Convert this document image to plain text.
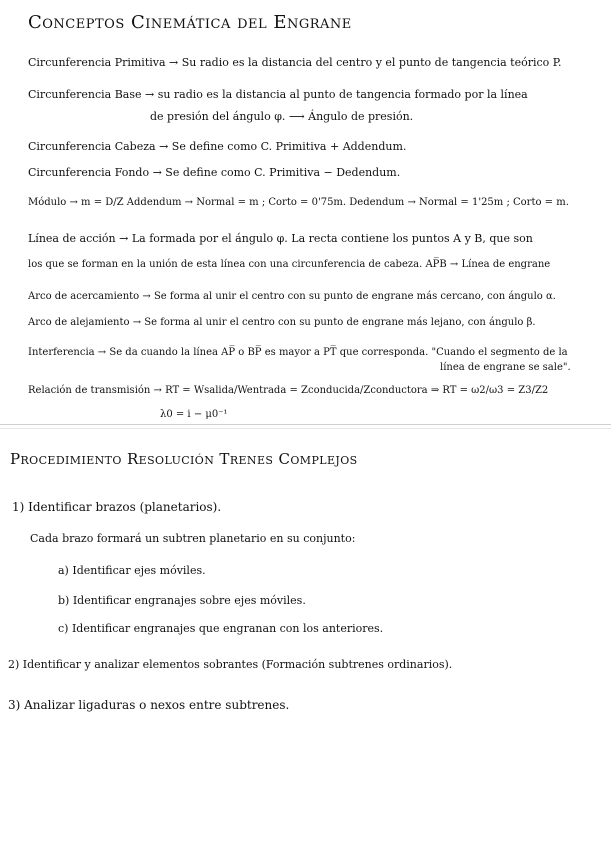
Conceptos Cinemática del Engrane
Circunferencia Primitiva → Su radio es la distancia del centro y el punto de tangencia teórico P.
Circunferencia Base → su radio es la distancia al punto de tangencia formado por la línea
de presión del ángulo φ. ⟶ Ángulo de presión.
Circunferencia Cabeza → Se define como C. Primitiva + Addendum.
Circunferencia Fondo → Se define como C. Primitiva − Dedendum.
Módulo → m = D/Z Addendum → Normal = m ; Corto = 0'75m. Dedendum → Normal = 1'25m ; Corto = m.
Línea de acción → La formada por el ángulo φ. La recta contiene los puntos A y B, que son
los que se forman en la unión de esta línea con una circunferencia de cabeza. AP̅B → Línea de engrane
Arco de acercamiento → Se forma al unir el centro con su punto de engrane más cercano, con ángulo α.
Arco de alejamiento → Se forma al unir el centro con su punto de engrane más lejano, con ángulo β.
Interferencia → Se da cuando la línea AP̅ o BP̅ es mayor a PT̅ que corresponda. "Cuando el segmento de la
línea de engrane se sale".
Relación de transmisión → RT = Wsalida/Wentrada = Zconducida/Zconductora ⇒ RT = ω2/ω3 = Z3/Z2
λ0 = i − μ0⁻¹
Procedimiento Resolución Trenes Complejos
1) Identificar brazos (planetarios).
Cada brazo formará un subtren planetario en su conjunto:
a) Identificar ejes móviles.
b) Identificar engranajes sobre ejes móviles.
c) Identificar engranajes que engranan con los anteriores.
2) Identificar y analizar elementos sobrantes (Formación subtrenes ordinarios).
3) Analizar ligaduras o nexos entre subtrenes.
